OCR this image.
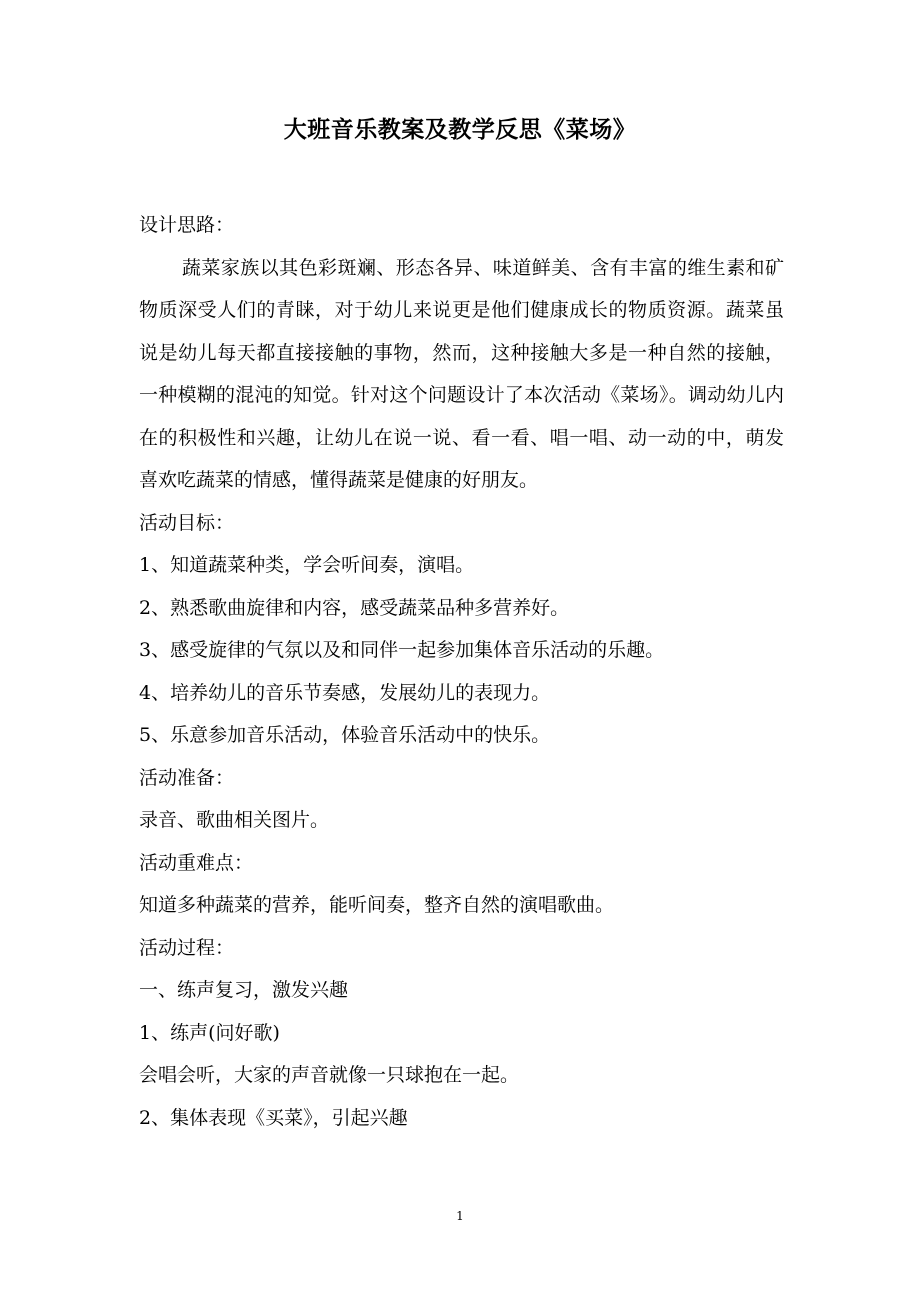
大班音乐教案及教学反思《菜场》

设计思路：

蔬菜家族以其色彩斑斓、形态各异、味道鲜美、含有丰富的维生素和矿物质深受人们的青睐，对于幼儿来说更是他们健康成长的物质资源。蔬菜虽说是幼儿每天都直接接触的事物，然而，这种接触大多是一种自然的接触，一种模糊的混沌的知觉。针对这个问题设计了本次活动《菜场》。调动幼儿内在的积极性和兴趣，让幼儿在说一说、看一看、唱一唱、动一动的中，萌发喜欢吃蔬菜的情感，懂得蔬菜是健康的好朋友。

活动目标：

1、知道蔬菜种类，学会听间奏，演唱。

2、熟悉歌曲旋律和内容，感受蔬菜品种多营养好。

3、感受旋律的气氛以及和同伴一起参加集体音乐活动的乐趣。

4、培养幼儿的音乐节奏感，发展幼儿的表现力。

5、乐意参加音乐活动，体验音乐活动中的快乐。

活动准备：

录音、歌曲相关图片。

活动重难点：

知道多种蔬菜的营养，能听间奏，整齐自然的演唱歌曲。

活动过程：

一、练声复习，激发兴趣

1、练声(问好歌)

会唱会听，大家的声音就像一只球抱在一起。

2、集体表现《买菜》，引起兴趣

1
